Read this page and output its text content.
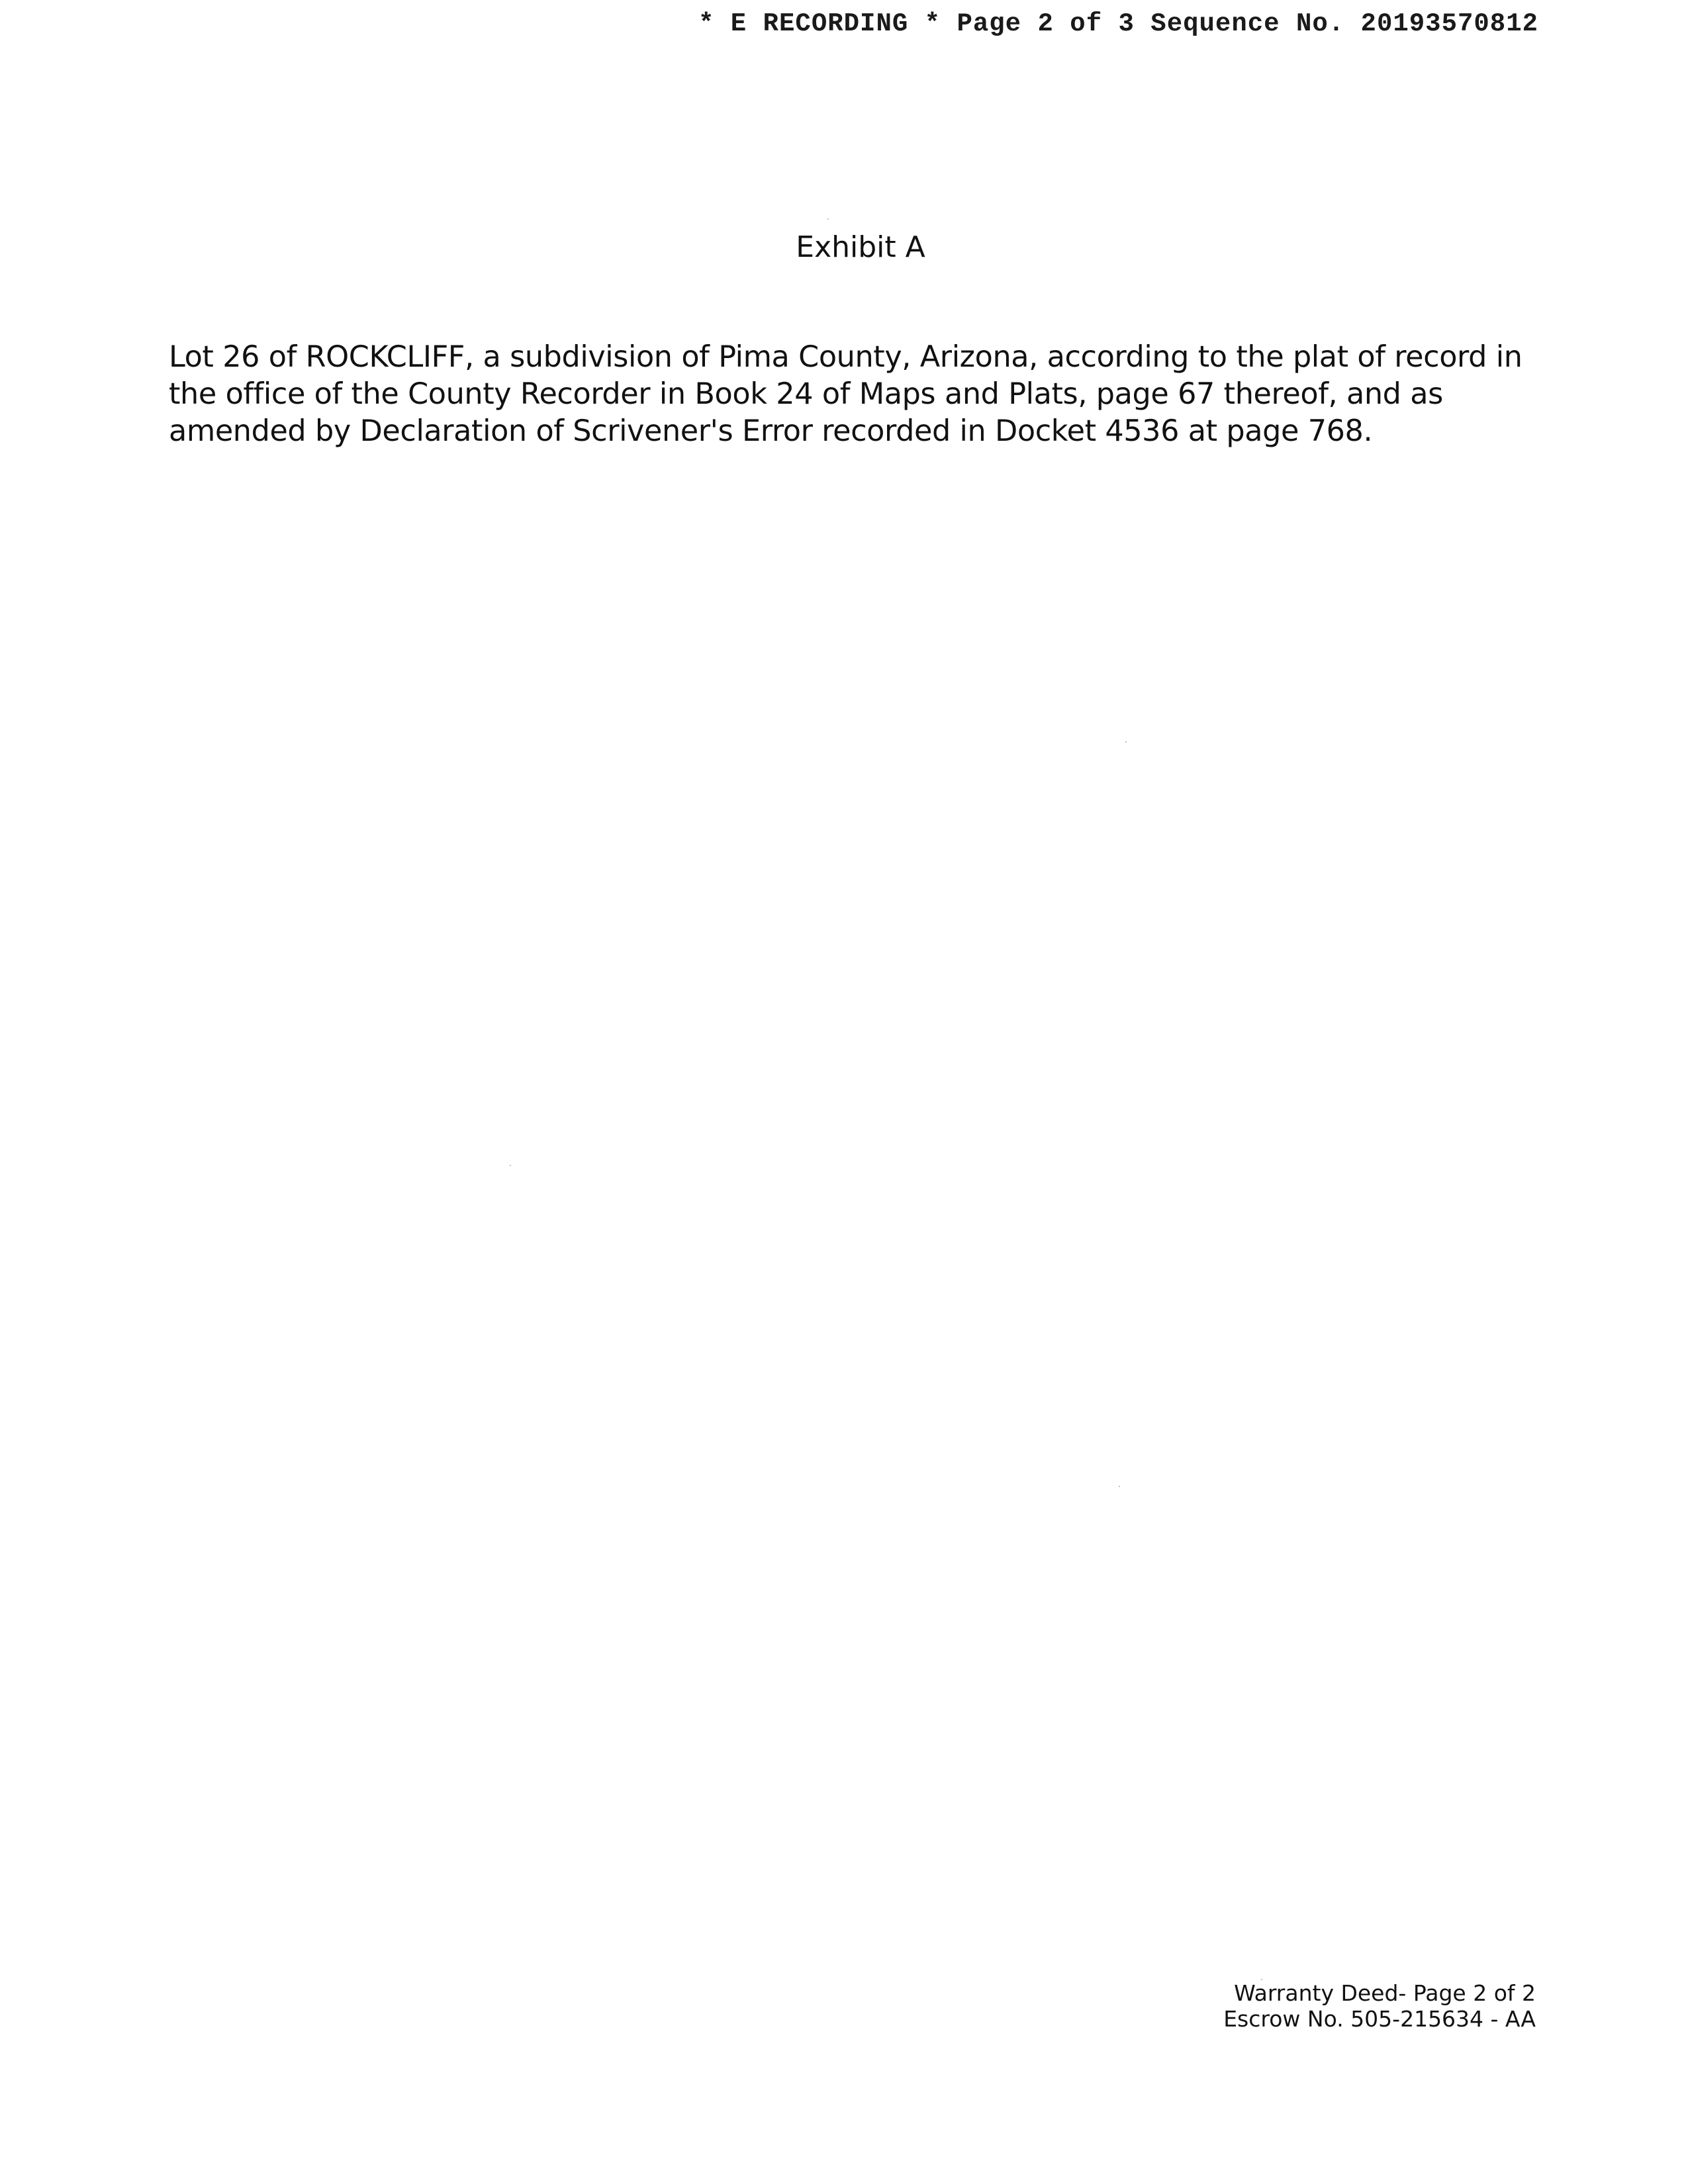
* E RECORDING * Page 2 of 3 Sequence No. 20193570812
Exhibit A

Lot 26 of ROCKCLIFF, a subdivision of Pima County, Arizona, according to the plat of record in the office of the County Recorder in Book 24 of Maps and Plats, page 67 thereof, and as amended by Declaration of Scrivener's Error recorded in Docket 4536 at page 768.

Warranty Deed- Page 2 of 2
Escrow No. 505-215634 - AA
